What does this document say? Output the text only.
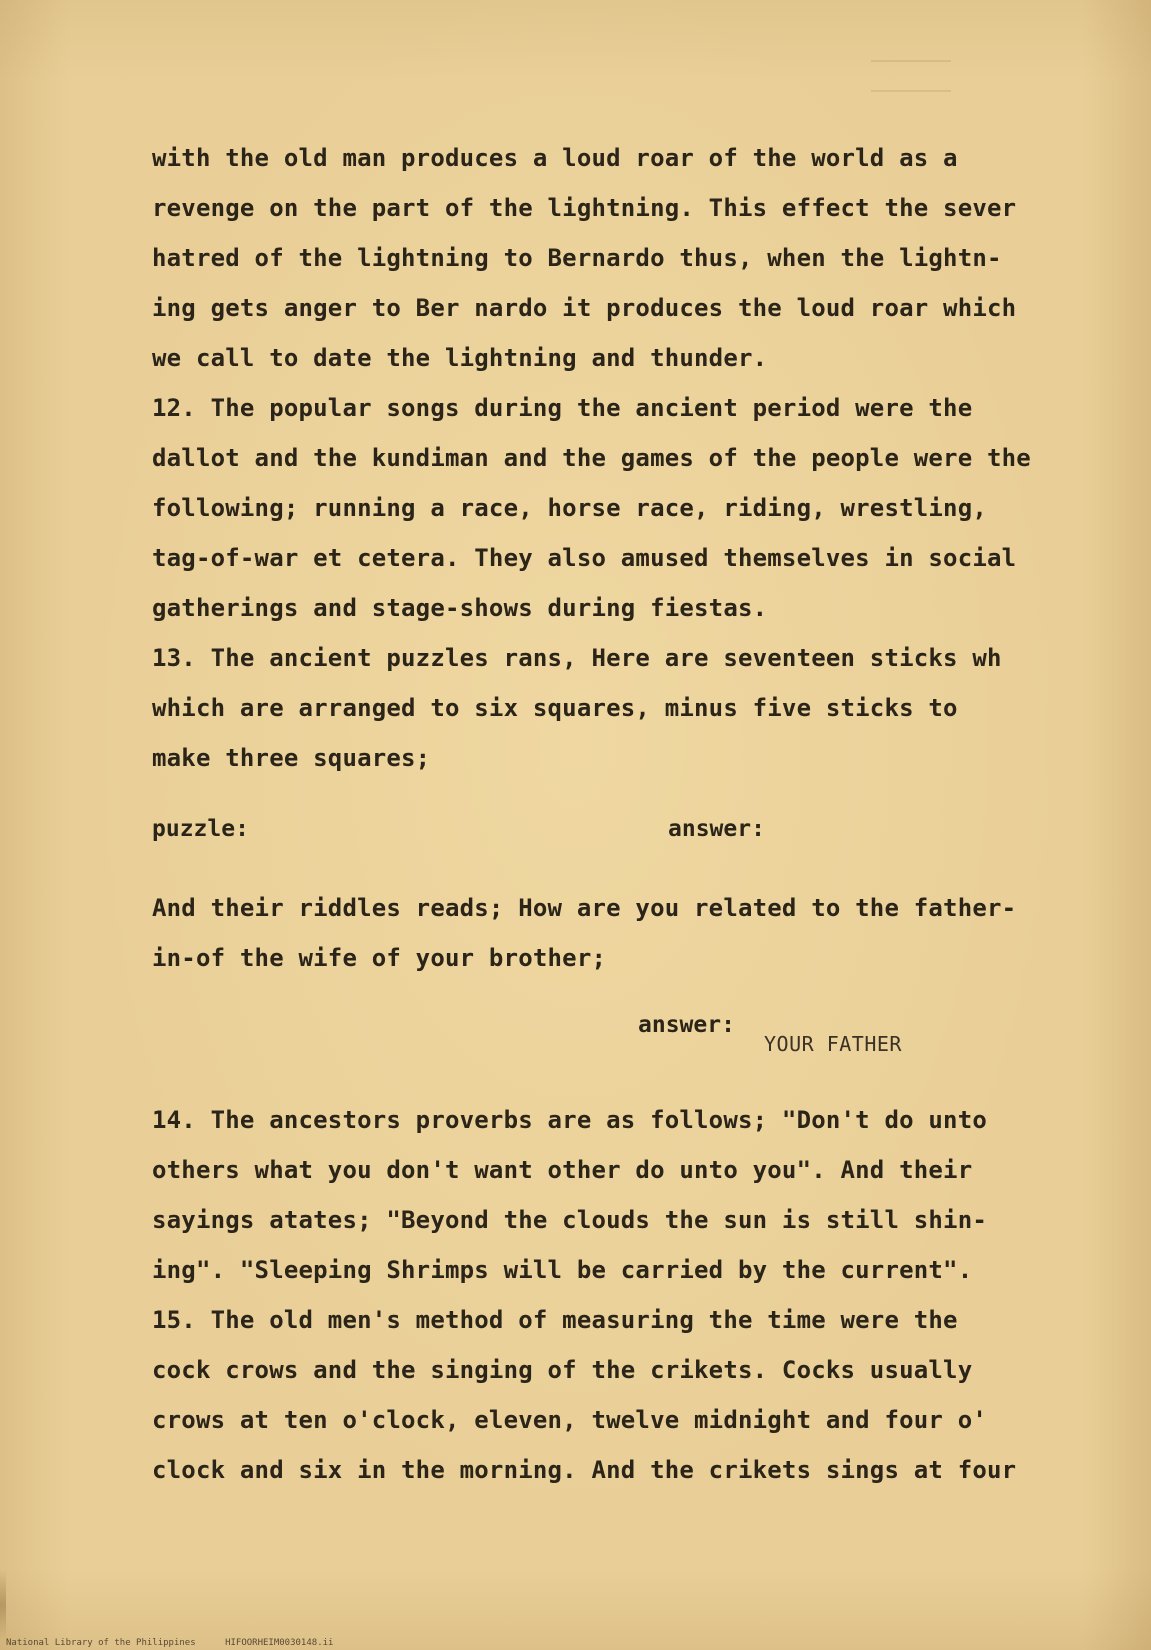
with the old man produces a loud roar of the world as a
revenge on the part of the lightning. This effect the sever
hatred of the lightning to Bernardo thus, when the lightn-
ing gets anger to Ber nardo it produces the loud roar which
we call to date the lightning and thunder.
12. The popular songs during the ancient period were the
dallot and the kundiman and the games of the people were the
following; running a race, horse race, riding, wrestling,
tag-of-war et cetera. They also amused themselves in social
gatherings and stage-shows during fiestas.
13. The ancient puzzles rans, Here are seventeen sticks wh
which are arranged to six squares, minus five sticks to
make three squares;
puzzle:	answer:
And their riddles reads; How are you related to the father-
in-of the wife of your brother;
answer:
YOUR FATHER
14. The ancestors proverbs are as follows; "Don't do unto
others what you don't want other do unto you". And their
sayings atates; "Beyond the clouds the sun is still shin-
ing". "Sleeping Shrimps will be carried by the current".
15. The old men's method of measuring the time were the
cock crows and the singing of the crikets. Cocks usually
crows at ten o'clock, eleven, twelve midnight and four o'
clock and six in the morning. And the crikets sings at four
National Library of the Philippines	HIFOORHEIM0030148.ii
